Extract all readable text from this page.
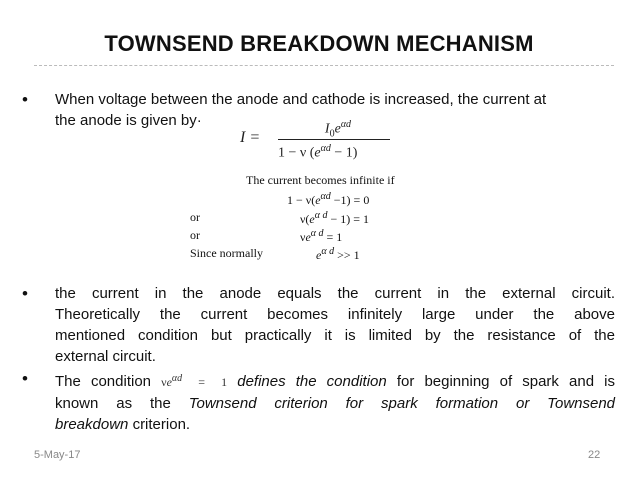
TOWNSEND BREAKDOWN MECHANISM
• When voltage between the anode and cathode is increased, the current at
the anode is given by·
I =	$I_0e^{\alpha d}$
1 − ν $(e^{\alpha d} - 1)$
The current becomes infinite if
$1 - \nu(e^{\alpha d} -1) = 0$
or	$\nu(e^{\alpha d} - 1) = 1$
or	$\nu e^{\alpha d} = 1$
Since normally	$e^{\alpha d} >> 1$
• the current in the anode equals the current in the external circuit.
Theoretically the current becomes infinitely large under the above
mentioned condition but practically it is limited by the resistance of the
external circuit.
• The condition $\nu e^{\alpha d} = 1$ defines the condition for beginning of spark and is
known as the Townsend criterion for spark formation or Townsend
breakdown criterion.
5-May-17	22
